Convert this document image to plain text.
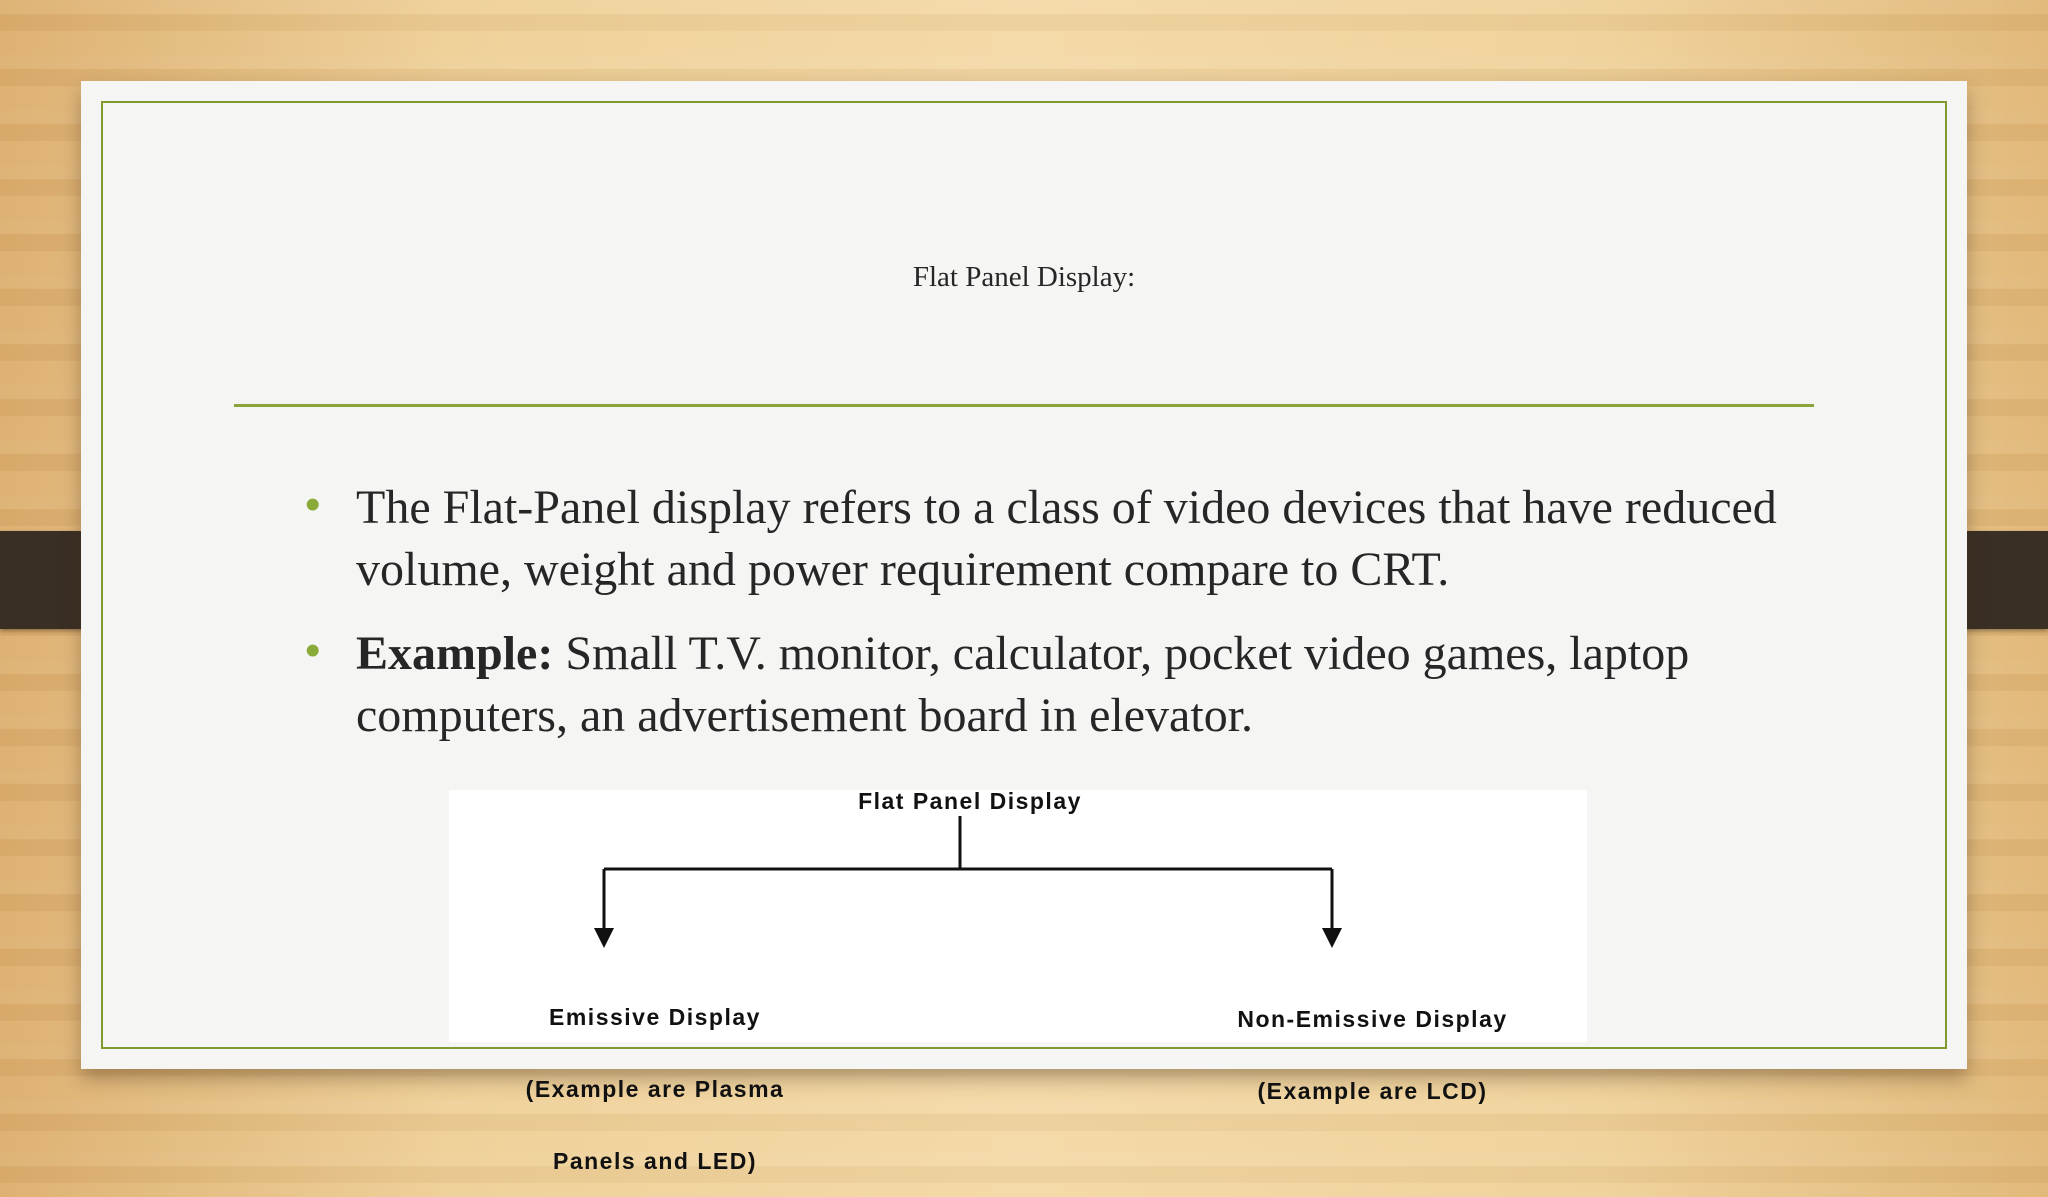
Flat Panel Display:
• The Flat-Panel display refers to a class of video devices that have reduced volume, weight and power requirement compare to CRT.
• Example: Small T.V. monitor, calculator, pocket video games, laptop computers, an advertisement board in elevator.
Flat Panel Display

Emissive Display

(Example are Plasma

Panels and LED)

Non-Emissive Display

(Example are LCD)
